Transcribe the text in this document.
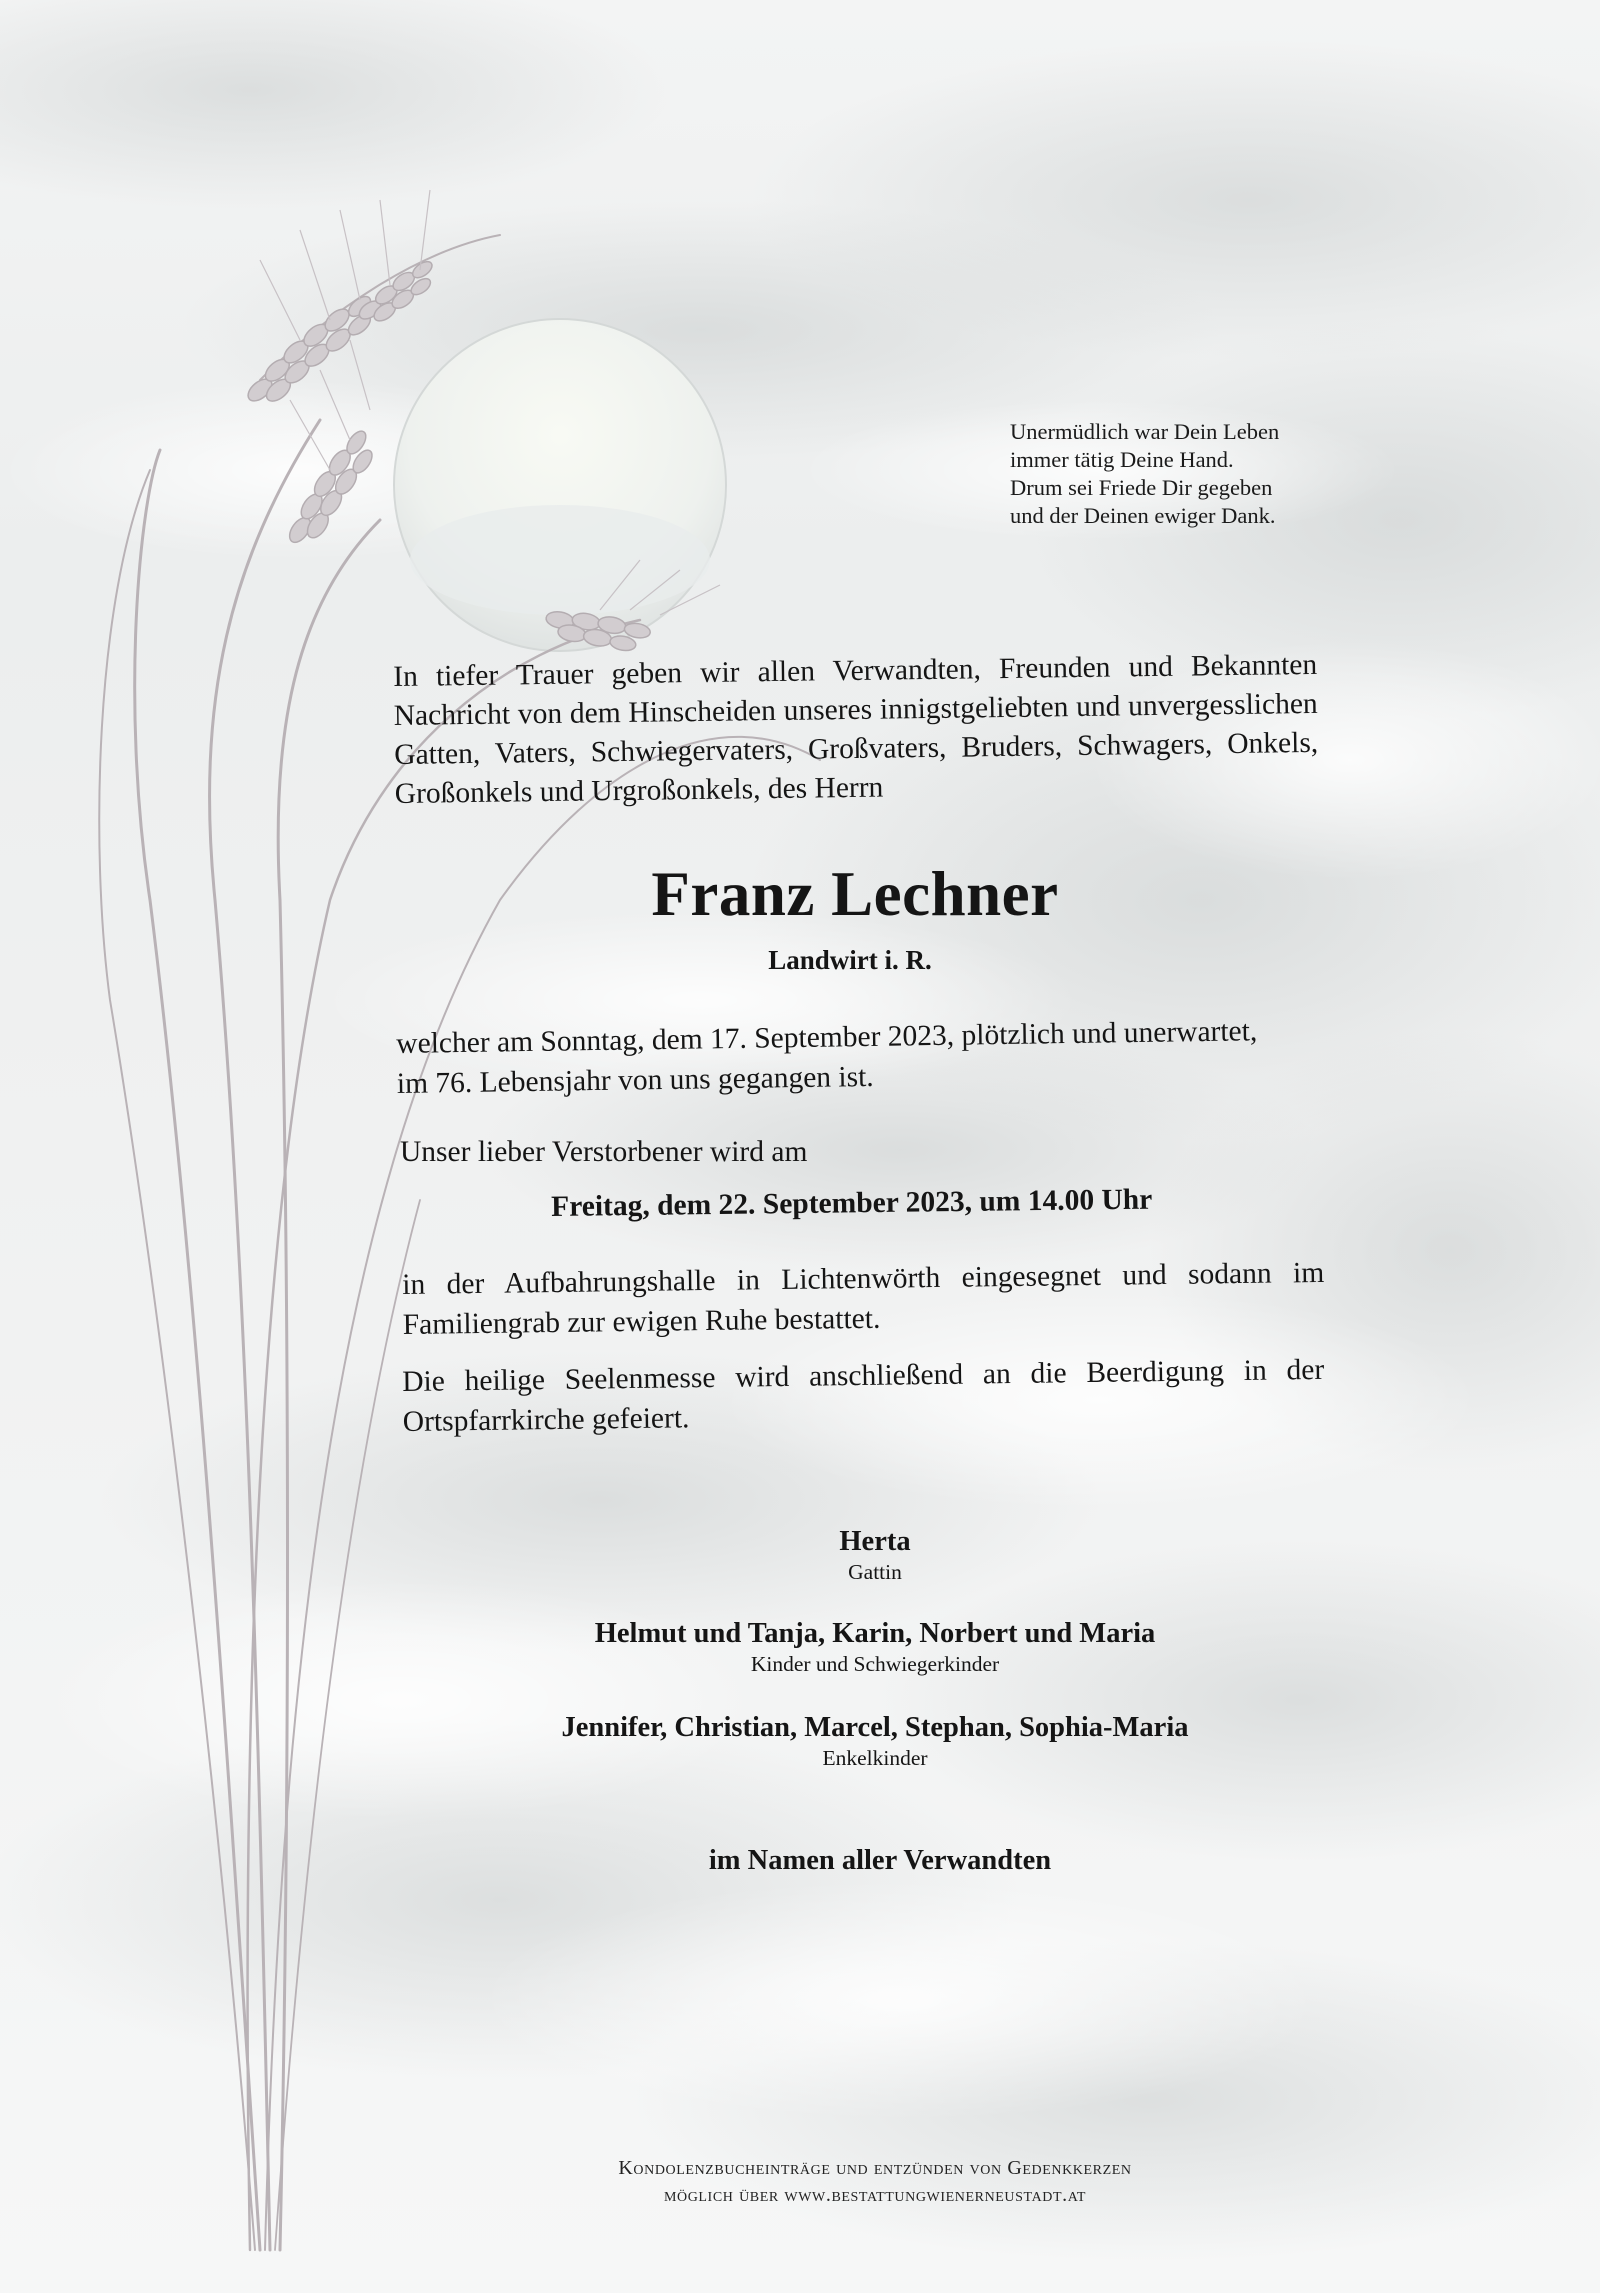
Unermüdlich war Dein Leben
immer tätig Deine Hand.
Drum sei Friede Dir gegeben
und der Deinen ewiger Dank.
In tiefer Trauer geben wir allen Verwandten, Freunden und Bekannten Nachricht von dem Hinscheiden unseres innigstgeliebten und unvergesslichen Gatten, Vaters, Schwiegervaters, Großvaters, Bruders, Schwagers, Onkels, Großonkels und Urgroßonkels, des Herrn
Franz Lechner
Landwirt i. R.
welcher am Sonntag, dem 17. September 2023, plötzlich und unerwartet,
im 76. Lebensjahr von uns gegangen ist.
Unser lieber Verstorbener wird am
Freitag, dem 22. September 2023, um 14.00 Uhr
in der Aufbahrungshalle in Lichtenwörth eingesegnet und sodann im Familiengrab zur ewigen Ruhe bestattet.
Die heilige Seelenmesse wird anschließend an die Beerdigung in der Ortspfarrkirche gefeiert.
Herta
Gattin
Helmut und Tanja, Karin, Norbert und Maria
Kinder und Schwiegerkinder
Jennifer, Christian, Marcel, Stephan, Sophia-Maria
Enkelkinder
im Namen aller Verwandten
Kondolenzbucheinträge und entzünden von Gedenkkerzen
möglich über www.bestattungwienerneustadt.at
